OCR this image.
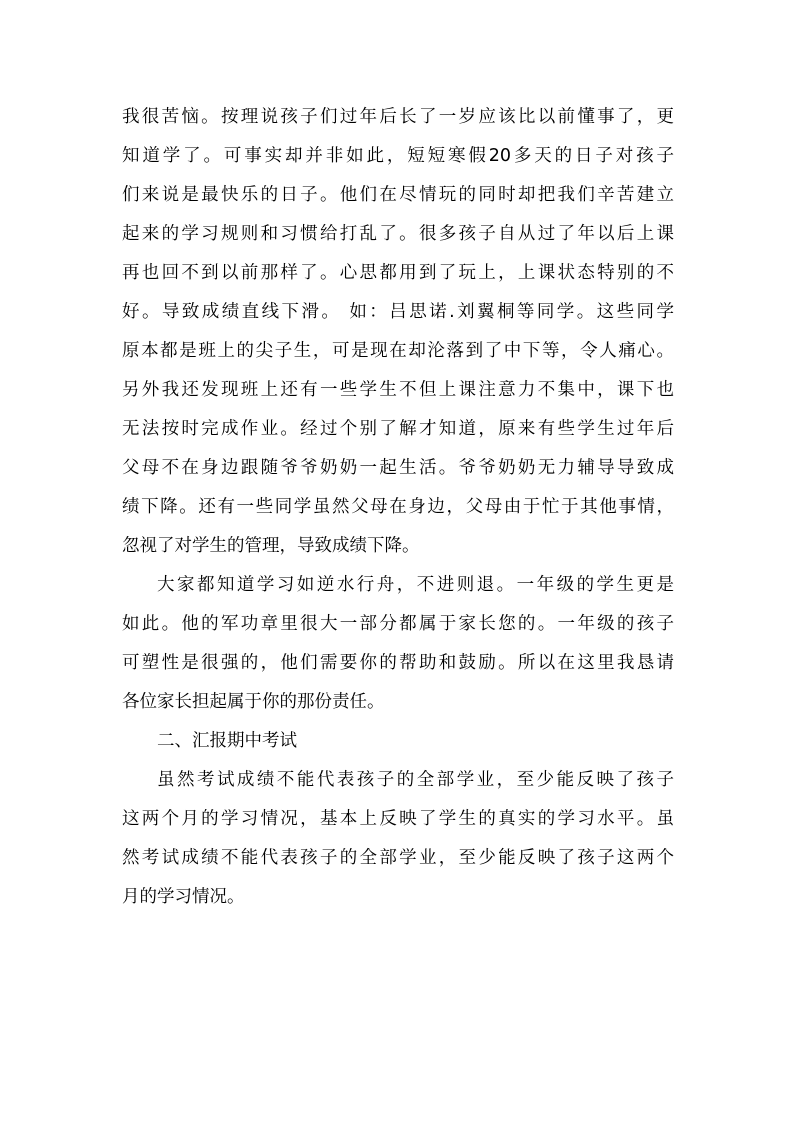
我很苦恼。按理说孩子们过年后长了一岁应该比以前懂事了，更
知道学了。可事实却并非如此，短短寒假20多天的日子对孩子
们来说是最快乐的日子。他们在尽情玩的同时却把我们辛苦建立
起来的学习规则和习惯给打乱了。很多孩子自从过了年以后上课
再也回不到以前那样了。心思都用到了玩上，上课状态特别的不
好。导致成绩直线下滑。 如：吕思诺.刘翼桐等同学。这些同学
原本都是班上的尖子生，可是现在却沦落到了中下等，令人痛心。
另外我还发现班上还有一些学生不但上课注意力不集中，课下也
无法按时完成作业。经过个别了解才知道，原来有些学生过年后
父母不在身边跟随爷爷奶奶一起生活。爷爷奶奶无力辅导导致成
绩下降。还有一些同学虽然父母在身边，父母由于忙于其他事情，
忽视了对学生的管理，导致成绩下降。
大家都知道学习如逆水行舟，不进则退。一年级的学生更是
如此。他的军功章里很大一部分都属于家长您的。一年级的孩子
可塑性是很强的，他们需要你的帮助和鼓励。所以在这里我恳请
各位家长担起属于你的那份责任。
二、汇报期中考试
虽然考试成绩不能代表孩子的全部学业，至少能反映了孩子
这两个月的学习情况，基本上反映了学生的真实的学习水平。虽
然考试成绩不能代表孩子的全部学业，至少能反映了孩子这两个
月的学习情况。
